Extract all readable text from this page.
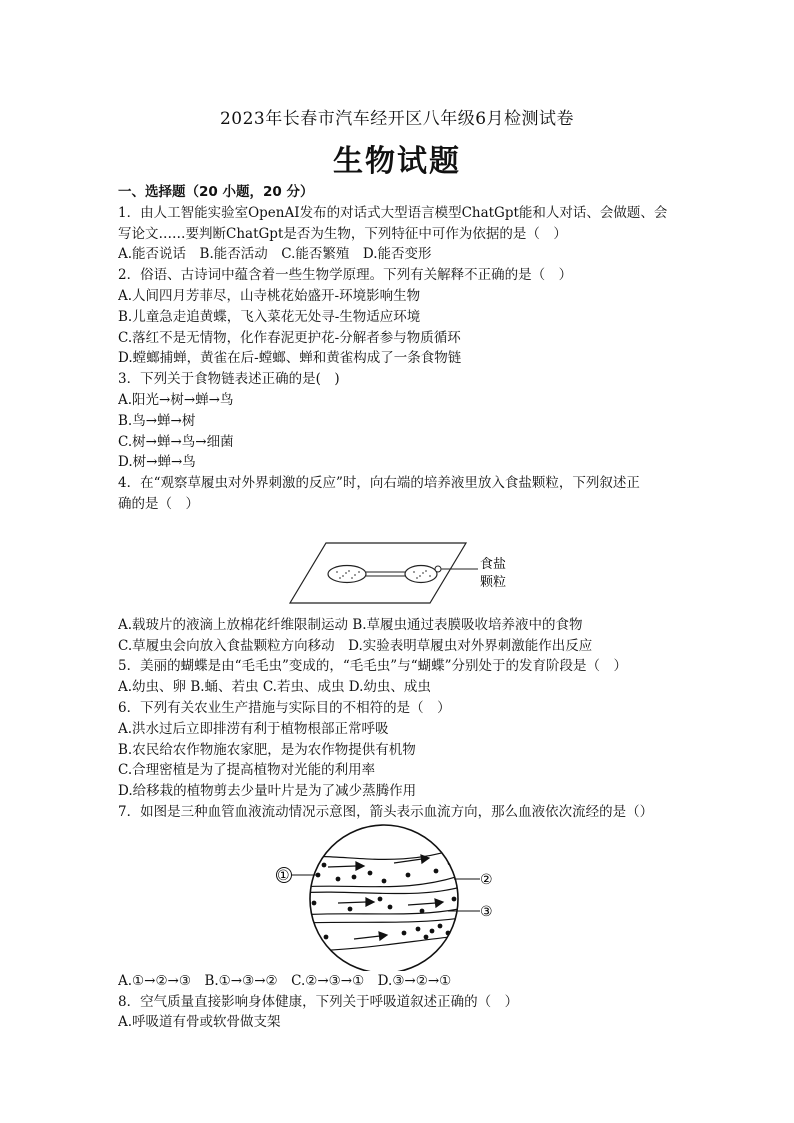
2023年长春市汽车经开区八年级6月检测试卷
生物试题
一、选择题（20 小题，20 分）
1．由人工智能实验室OpenAI发布的对话式大型语言模型ChatGpt能和人对话、会做题、会
写论文……要判断ChatGpt是否为生物，下列特征中可作为依据的是（　）
A.能否说话　B.能否活动　C.能否繁殖　D.能否变形
2．俗语、古诗词中蕴含着一些生物学原理。下列有关解释不正确的是（　）
A.人间四月芳菲尽，山寺桃花始盛开-环境影响生物
B.儿童急走追黄蝶，飞入菜花无处寻-生物适应环境
C.落红不是无情物，化作春泥更护花-分解者参与物质循环
D.螳螂捕蝉，黄雀在后-螳螂、蝉和黄雀构成了一条食物链
3．下列关于食物链表述正确的是(　)
A.阳光→树→蝉→鸟
B.鸟→蝉→树
C.树→蝉→鸟→细菌
D.树→蝉→鸟
4．在“观察草履虫对外界刺激的反应”时，向右端的培养液里放入食盐颗粒，下列叙述正
确的是（　）
食盐
颗粒
A.载玻片的液滴上放棉花纤维限制运动 B.草履虫通过表膜吸收培养液中的食物
C.草履虫会向放入食盐颗粒方向移动　D.实验表明草履虫对外界刺激能作出反应
5．美丽的蝴蝶是由“毛毛虫”变成的，“毛毛虫”与“蝴蝶”分别处于的发育阶段是（　）
A.幼虫、卵 B.蛹、若虫 C.若虫、成虫 D.幼虫、成虫
6．下列有关农业生产措施与实际目的不相符的是（　）
A.洪水过后立即排涝有利于植物根部正常呼吸
B.农民给农作物施农家肥，是为农作物提供有机物
C.合理密植是为了提高植物对光能的利用率
D.给移栽的植物剪去少量叶片是为了减少蒸腾作用
7．如图是三种血管血液流动情况示意图，箭头表示血流方向，那么血液依次流经的是（）
①	②
③
A.①→②→③　B.①→③→②　C.②→③→①　D.③→②→①
8．空气质量直接影响身体健康，下列关于呼吸道叙述正确的（　）
A.呼吸道有骨或软骨做支架
